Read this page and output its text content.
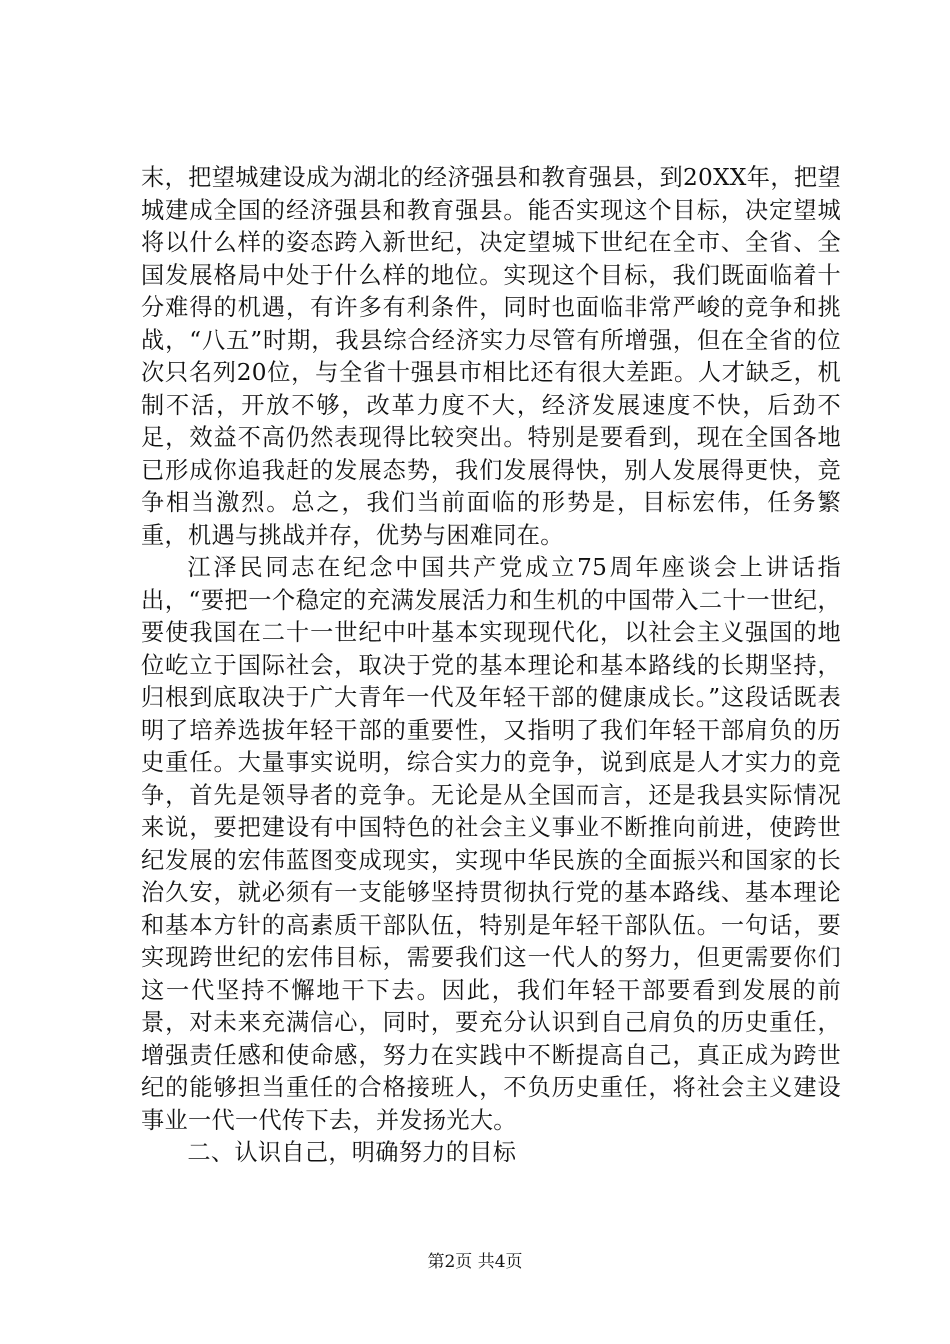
末，把望城建设成为湖北的经济强县和教育强县，到20XX年，把望城建成全国的经济强县和教育强县。能否实现这个目标，决定望城将以什么样的姿态跨入新世纪，决定望城下世纪在全市、全省、全国发展格局中处于什么样的地位。实现这个目标，我们既面临着十分难得的机遇，有许多有利条件，同时也面临非常严峻的竞争和挑战，“八五”时期，我县综合经济实力尽管有所增强，但在全省的位次只名列20位，与全省十强县市相比还有很大差距。人才缺乏，机制不活，开放不够，改革力度不大，经济发展速度不快，后劲不足，效益不高仍然表现得比较突出。特别是要看到，现在全国各地已形成你追我赶的发展态势，我们发展得快，别人发展得更快，竞争相当激烈。总之，我们当前面临的形势是，目标宏伟，任务繁重，机遇与挑战并存，优势与困难同在。

江泽民同志在纪念中国共产党成立75周年座谈会上讲话指出，“要把一个稳定的充满发展活力和生机的中国带入二十一世纪，要使我国在二十一世纪中叶基本实现现代化，以社会主义强国的地位屹立于国际社会，取决于党的基本理论和基本路线的长期坚持，归根到底取决于广大青年一代及年轻干部的健康成长。”这段话既表明了培养选拔年轻干部的重要性，又指明了我们年轻干部肩负的历史重任。大量事实说明，综合实力的竞争，说到底是人才实力的竞争，首先是领导者的竞争。无论是从全国而言，还是我县实际情况来说，要把建设有中国特色的社会主义事业不断推向前进，使跨世纪发展的宏伟蓝图变成现实，实现中华民族的全面振兴和国家的长治久安，就必须有一支能够坚持贯彻执行党的基本路线、基本理论和基本方针的高素质干部队伍，特别是年轻干部队伍。一句话，要实现跨世纪的宏伟目标，需要我们这一代人的努力，但更需要你们这一代坚持不懈地干下去。因此，我们年轻干部要看到发展的前景，对未来充满信心，同时，要充分认识到自己肩负的历史重任，增强责任感和使命感，努力在实践中不断提高自己，真正成为跨世纪的能够担当重任的合格接班人，不负历史重任，将社会主义建设事业一代一代传下去，并发扬光大。

二、认识自己，明确努力的目标

第2页 共4页
